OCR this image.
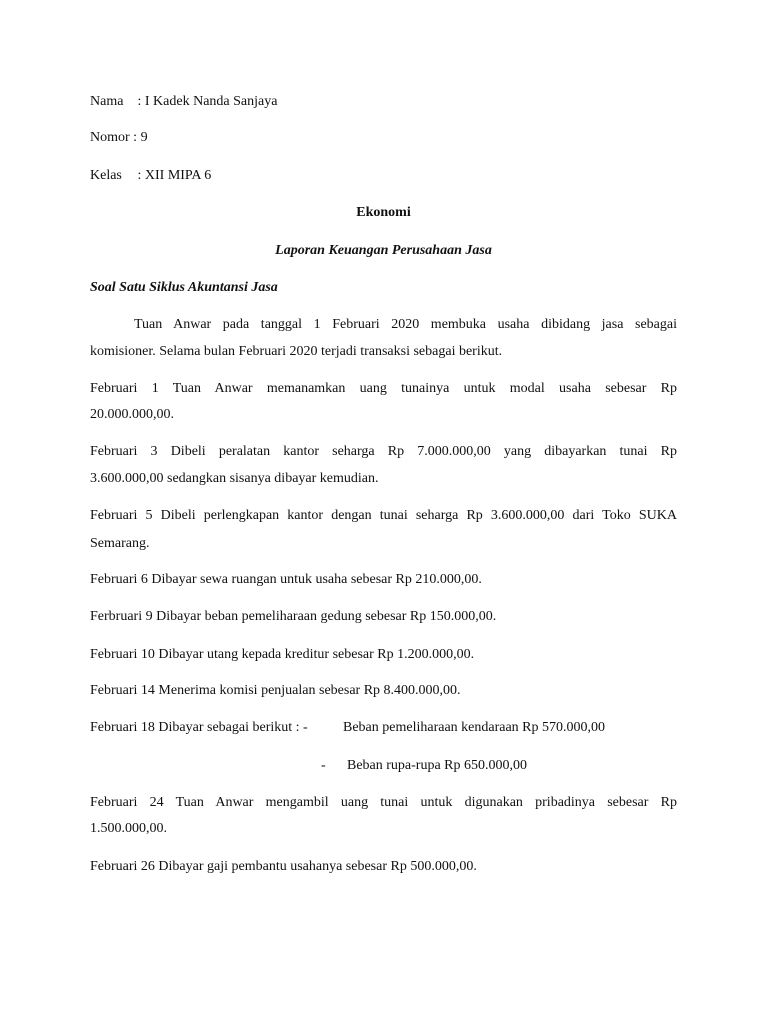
Nama : I Kadek Nanda Sanjaya
Nomor : 9
Kelas : XII MIPA 6
Ekonomi
Laporan Keuangan Perusahaan Jasa
Soal Satu Siklus Akuntansi Jasa
Tuan Anwar pada tanggal 1 Februari 2020 membuka usaha dibidang jasa sebagai
komisioner. Selama bulan Februari 2020 terjadi transaksi sebagai berikut.
Februari 1 Tuan Anwar memanamkan uang tunainya untuk modal usaha sebesar Rp
20.000.000,00.
Februari 3 Dibeli peralatan kantor seharga Rp 7.000.000,00 yang dibayarkan tunai Rp
3.600.000,00 sedangkan sisanya dibayar kemudian.
Februari 5 Dibeli perlengkapan kantor dengan tunai seharga Rp 3.600.000,00 dari Toko SUKA
Semarang.
Februari 6 Dibayar sewa ruangan untuk usaha sebesar Rp 210.000,00.
Ferbruari 9 Dibayar beban pemeliharaan gedung sebesar Rp 150.000,00.
Februari 10 Dibayar utang kepada kreditur sebesar Rp 1.200.000,00.
Februari 14 Menerima komisi penjualan sebesar Rp 8.400.000,00.
Februari 18 Dibayar sebagai berikut : -	Beban pemeliharaan kendaraan Rp 570.000,00
- Beban rupa-rupa Rp 650.000,00
Februari 24 Tuan Anwar mengambil uang tunai untuk digunakan pribadinya sebesar Rp
1.500.000,00.
Februari 26 Dibayar gaji pembantu usahanya sebesar Rp 500.000,00.
